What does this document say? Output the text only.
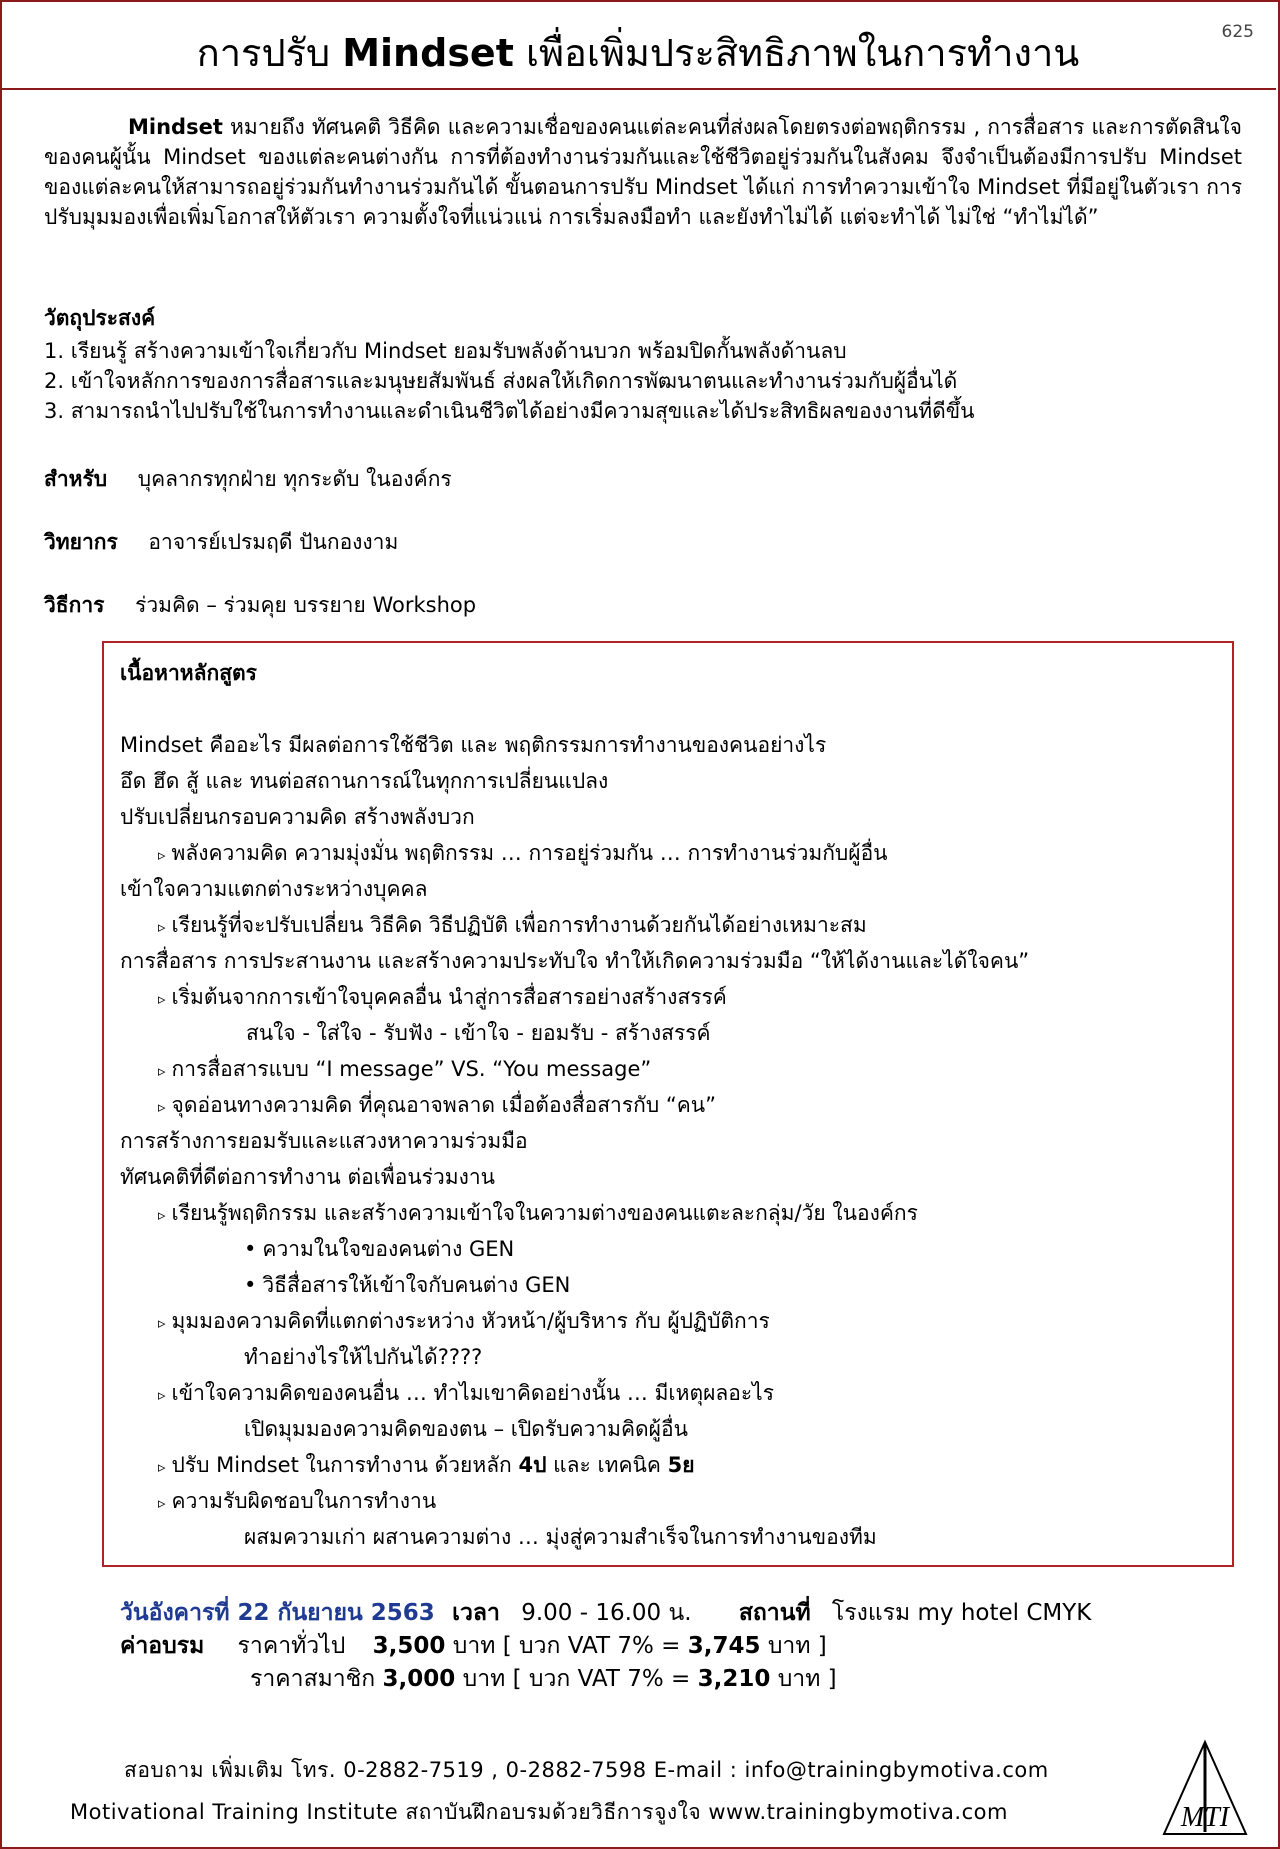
การปรับ Mindset เพื่อเพิ่มประสิทธิภาพในการทำงาน	625
Mindset หมายถึง ทัศนคติ วิธีคิด และความเชื่อของคนแต่ละคนที่ส่งผลโดยตรงต่อพฤติกรรม , การสื่อสาร และการตัดสินใจของคนผู้นั้น Mindset ของแต่ละคนต่างกัน การที่ต้องทำงานร่วมกันและใช้ชีวิตอยู่ร่วมกันในสังคม จึงจำเป็นต้องมีการปรับ Mindset ของแต่ละคนให้สามารถอยู่ร่วมกันทำงานร่วมกันได้ ขั้นตอนการปรับ Mindset ได้แก่ การทำความเข้าใจ Mindset ที่มีอยู่ในตัวเรา การปรับมุมมองเพื่อเพิ่มโอกาสให้ตัวเรา ความตั้งใจที่แน่วแน่ การเริ่มลงมือทำ และยังทำไม่ได้ แต่จะทำได้ ไม่ใช่ “ทำไม่ได้”
วัตถุประสงค์
1. เรียนรู้ สร้างความเข้าใจเกี่ยวกับ Mindset ยอมรับพลังด้านบวก พร้อมปิดกั้นพลังด้านลบ
2. เข้าใจหลักการของการสื่อสารและมนุษยสัมพันธ์ ส่งผลให้เกิดการพัฒนาตนและทำงานร่วมกับผู้อื่นได้
3. สามารถนำไปปรับใช้ในการทำงานและดำเนินชีวิตได้อย่างมีความสุขและได้ประสิทธิผลของงานที่ดีขึ้น
สำหรับ บุคลากรทุกฝ่าย ทุกระดับ ในองค์กร
วิทยากร อาจารย์เปรมฤดี ปันกองงาม
วิธีการ ร่วมคิด – ร่วมคุย บรรยาย Workshop
เนื้อหาหลักสูตร
Mindset คืออะไร มีผลต่อการใช้ชีวิต และ พฤติกรรมการทำงานของคนอย่างไร
อึด ฮึด สู้ และ ทนต่อสถานการณ์ในทุกการเปลี่ยนแปลง
ปรับเปลี่ยนกรอบความคิด สร้างพลังบวก
▹ พลังความคิด ความมุ่งมั่น พฤติกรรม … การอยู่ร่วมกัน … การทำงานร่วมกับผู้อื่น
เข้าใจความแตกต่างระหว่างบุคคล
▹ เรียนรู้ที่จะปรับเปลี่ยน วิธีคิด วิธีปฏิบัติ เพื่อการทำงานด้วยกันได้อย่างเหมาะสม
การสื่อสาร การประสานงาน และสร้างความประทับใจ ทำให้เกิดความร่วมมือ “ให้ได้งานและได้ใจคน”
▹ เริ่มต้นจากการเข้าใจบุคคลอื่น นำสู่การสื่อสารอย่างสร้างสรรค์
สนใจ - ใส่ใจ - รับฟัง - เข้าใจ - ยอมรับ - สร้างสรรค์
▹ การสื่อสารแบบ “I message” VS. “You message”
▹ จุดอ่อนทางความคิด ที่คุณอาจพลาด เมื่อต้องสื่อสารกับ “คน”
การสร้างการยอมรับและแสวงหาความร่วมมือ
ทัศนคติที่ดีต่อการทำงาน ต่อเพื่อนร่วมงาน
▹ เรียนรู้พฤติกรรม และสร้างความเข้าใจในความต่างของคนแตะละกลุ่ม/วัย ในองค์กร
• ความในใจของคนต่าง GEN
• วิธีสื่อสารให้เข้าใจกับคนต่าง GEN
▹ มุมมองความคิดที่แตกต่างระหว่าง หัวหน้า/ผู้บริหาร กับ ผู้ปฏิบัติการ
ทำอย่างไรให้ไปกันได้????
▹ เข้าใจความคิดของคนอื่น … ทำไมเขาคิดอย่างนั้น … มีเหตุผลอะไร
เปิดมุมมองความคิดของตน – เปิดรับความคิดผู้อื่น
▹ ปรับ Mindset ในการทำงาน ด้วยหลัก 4ป และ เทคนิค 5ย
▹ ความรับผิดชอบในการทำงาน
ผสมความเก่า ผสานความต่าง … มุ่งสู่ความสำเร็จในการทำงานของทีม
วันอังคารที่ 22 กันยายน 2563 เวลา 9.00 - 16.00 น. สถานที่ โรงแรม my hotel CMYK
ค่าอบรม ราคาทั่วไป 3,500 บาท [ บวก VAT 7% = 3,745 บาท ]
ราคาสมาชิก 3,000 บาท [ บวก VAT 7% = 3,210 บาท ]
สอบถาม เพิ่มเติม โทร. 0-2882-7519 , 0-2882-7598 E-mail : info@trainingbymotiva.com
Motivational Training Institute สถาบันฝึกอบรมด้วยวิธีการจูงใจ www.trainingbymotiva.com	MTI
